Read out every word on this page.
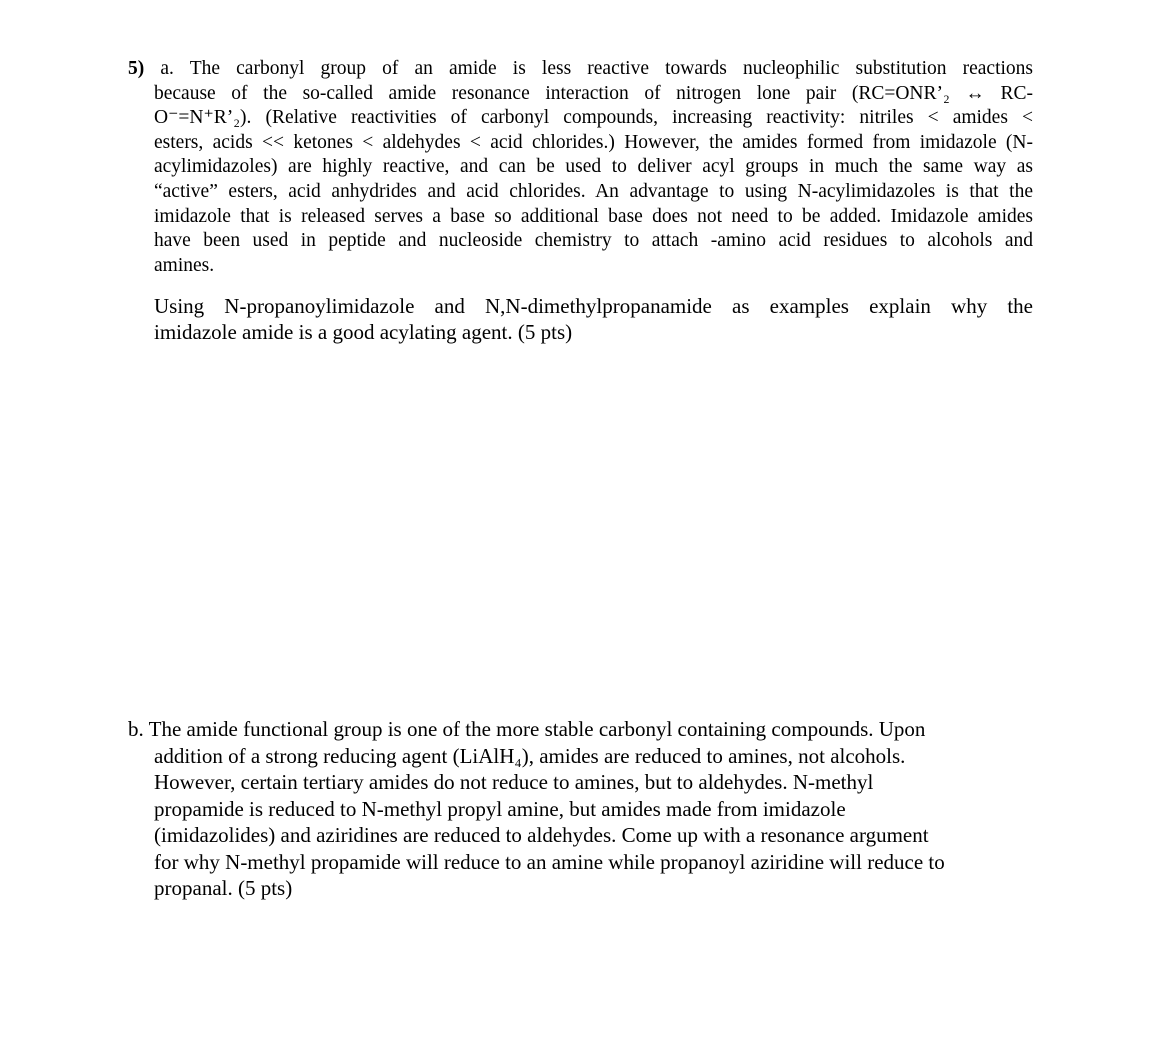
5) a. The carbonyl group of an amide is less reactive towards nucleophilic substitution reactions
because of the so-called amide resonance interaction of nitrogen lone pair (RC=ONR’₂ ↔ RC-
O⁻=N⁺R’₂). (Relative reactivities of carbonyl compounds, increasing reactivity: nitriles < amides <
esters, acids << ketones < aldehydes < acid chlorides.) However, the amides formed from imidazole (N-
acylimidazoles) are highly reactive, and can be used to deliver acyl groups in much the same way as
“active” esters, acid anhydrides and acid chlorides. An advantage to using N-acylimidazoles is that the
imidazole that is released serves a base so additional base does not need to be added. Imidazole amides
have been used in peptide and nucleoside chemistry to attach -amino acid residues to alcohols and
amines.
Using N-propanoylimidazole and N,N-dimethylpropanamide as examples explain why the
imidazole amide is a good acylating agent. (5 pts)
b. The amide functional group is one of the more stable carbonyl containing compounds. Upon
addition of a strong reducing agent (LiAlH₄), amides are reduced to amines, not alcohols.
However, certain tertiary amides do not reduce to amines, but to aldehydes. N-methyl
propamide is reduced to N-methyl propyl amine, but amides made from imidazole
(imidazolides) and aziridines are reduced to aldehydes. Come up with a resonance argument
for why N-methyl propamide will reduce to an amine while propanoyl aziridine will reduce to
propanal. (5 pts)
